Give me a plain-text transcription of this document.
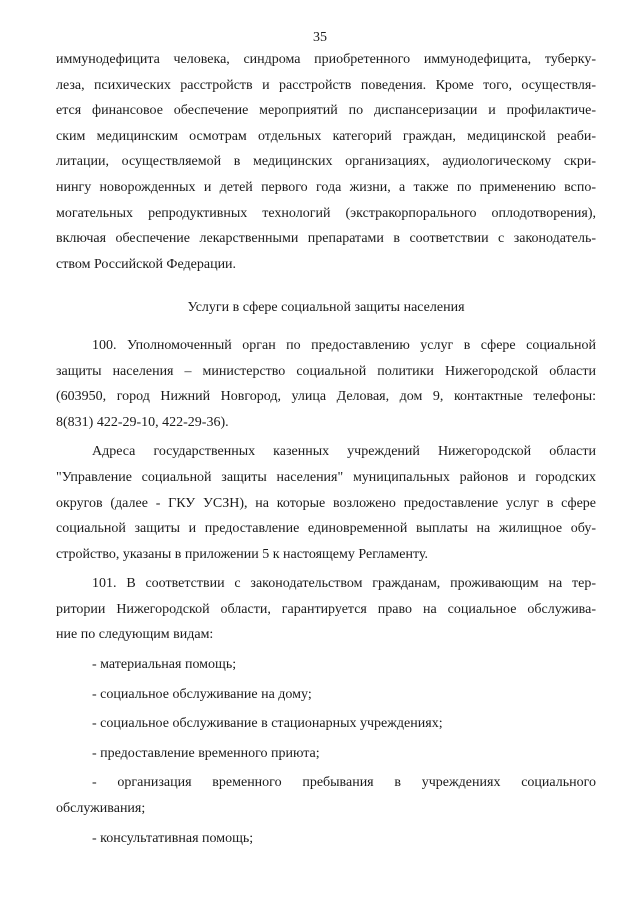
35
иммунодефицита человека, синдрома приобретенного иммунодефицита, туберку-
леза, психических расстройств и расстройств поведения. Кроме того, осуществля-
ется финансовое обеспечение мероприятий по диспансеризации и профилактиче-
ским медицинским осмотрам отдельных категорий граждан, медицинской реаби-
литации, осуществляемой в медицинских организациях, аудиологическому скри-
нингу новорожденных и детей первого года жизни, а также по применению вспо-
могательных репродуктивных технологий (экстракорпорального оплодотворения),
включая обеспечение лекарственными препаратами в соответствии с законодатель-
ством Российской Федерации.
Услуги в сфере социальной защиты населения
100. Уполномоченный орган по предоставлению услуг в сфере социальной
защиты населения – министерство социальной политики Нижегородской области
(603950, город Нижний Новгород, улица Деловая, дом 9, контактные телефоны:
8(831) 422-29-10, 422-29-36).
Адреса государственных казенных учреждений Нижегородской области
"Управление социальной защиты населения" муниципальных районов и городских
округов (далее - ГКУ УСЗН), на которые возложено предоставление услуг в сфере
социальной защиты и предоставление единовременной выплаты на жилищное обу-
стройство, указаны в приложении 5 к настоящему Регламенту.
101. В соответствии с законодательством гражданам, проживающим на тер-
ритории Нижегородской области, гарантируется право на социальное обслужива-
ние по следующим видам:
- материальная помощь;
- социальное обслуживание на дому;
- социальное обслуживание в стационарных учреждениях;
- предоставление временного приюта;
- организация временного пребывания в учреждениях социального
обслуживания;
- консультативная помощь;
